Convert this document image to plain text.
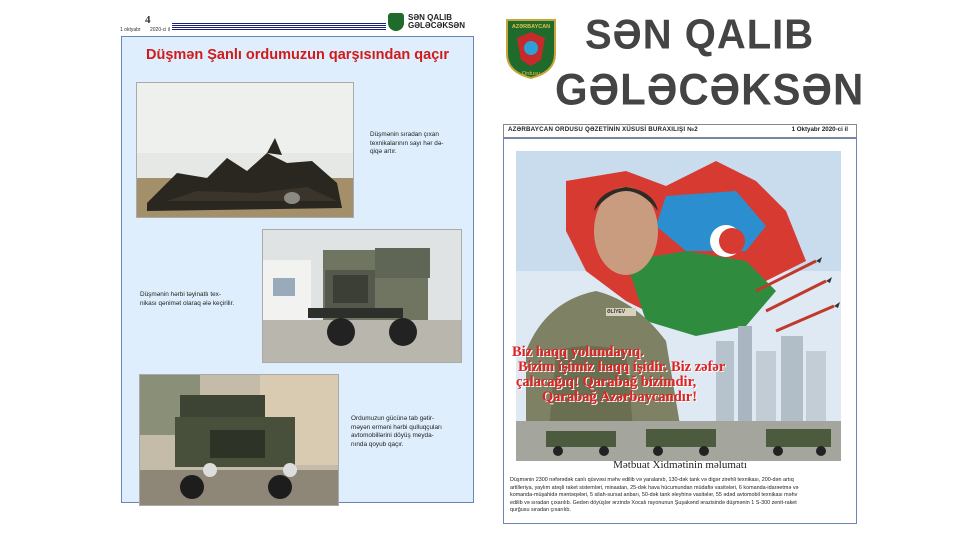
4
1 oktyabr 2020-ci il
SƏN QALIB
GƏLƏCƏKSƏN
Düşmən Şanlı ordumuzun qarşısından qaçır
Düşmənin sıradan çıxan
texnikalarının sayı hər də-
qiqə artır.
Düşmənin hərbi təyinatlı tex-
nikası qənimət olaraq ələ keçirilir.
Ordumuzun gücünə tab gətir-
məyən erməni hərbi qulluqçuları
avtomobillərini döyüş meyda-
nında qoyub qaçır.
AZƏRBAYCAN
Ordusu
SƏN QALIB
GƏLƏCƏKSƏN
AZƏRBAYCAN ORDUSU QƏZETİNİN XÜSUSİ BURAXILIŞI №2	1 Oktyabr 2020-ci il
ƏLİYEV
Biz haqq yolundayıq.
Bizim işimiz haqq işidir. Biz zəfər
çalacağıq! Qarabağ bizimdir,
Qarabağ Azərbaycandır!
Mətbuat Xidmətinin məlumatı
Düşmənin 2300 nəfərədək canlı qüvvəsi məhv edilib və yaralanıb, 130-dək tank və digər zirehli texnikası, 200-dən artıq
artilleriya, yaylım atəşli raket sistemləri, minaatan, 25-dək hava hücumundan müdafiə vasitələri, 6 komanda-idarəetmə və
komanda-müşahidə məntəqələri, 5 silah-sursat anbarı, 50-dək tank əleyhinə vasitələr, 55 ədəd avtomobil texnikası məhv
edilib və sıradan çıxarılıb. Gedən döyüşlər ərzində Xocalı rayonunun Şuşakənd ərazisində düşmənin 1 S-300 zenit-raket
qurğusu sıradan çıxarılıb.
